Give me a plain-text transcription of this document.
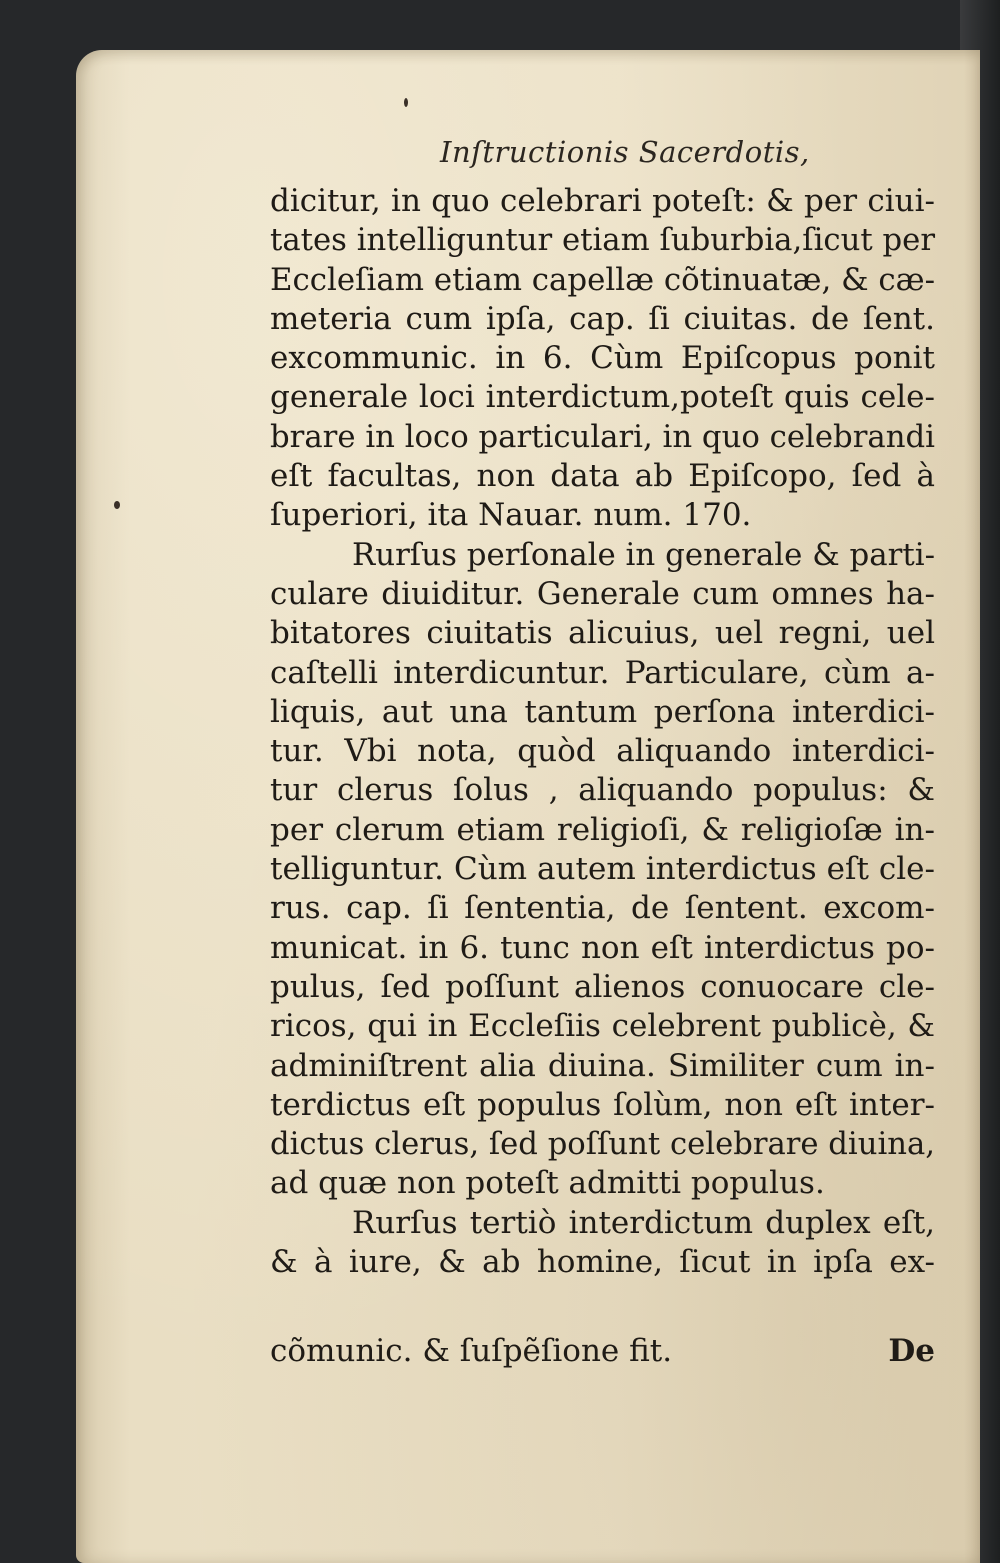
Inſtructionis Sacerdotis,
dicitur, in quo celebrari poteſt: & per ciui-
tates intelliguntur etiam ſuburbia,ſicut per
Eccleſiam etiam capellæ cõtinuatæ, & cæ-
meteria cum ipſa, cap. ſi ciuitas. de ſent.
excommunic. in 6. Cùm Epiſcopus ponit
generale loci interdictum,poteſt quis cele-
brare in loco particulari, in quo celebrandi
eſt facultas, non data ab Epiſcopo, ſed à
ſuperiori, ita Nauar. num. 170.
Rurſus perſonale in generale & parti-
culare diuiditur. Generale cum omnes ha-
bitatores ciuitatis alicuius, uel regni, uel
caſtelli interdicuntur. Particulare, cùm a-
liquis, aut una tantum perſona interdici-
tur. Vbi nota, quòd aliquando interdici-
tur clerus ſolus , aliquando populus: &
per clerum etiam religioſi, & religioſæ in-
telliguntur. Cùm autem interdictus eſt cle-
rus. cap. ſi ſententia, de ſentent. excom-
municat. in 6. tunc non eſt interdictus po-
pulus, ſed poſſunt alienos conuocare cle-
ricos, qui in Eccleſiis celebrent publicè, &
adminiſtrent alia diuina. Similiter cum in-
terdictus eſt populus ſolùm, non eſt inter-
dictus clerus, ſed poſſunt celebrare diuina,
ad quæ non poteſt admitti populus.
Rurſus tertiò interdictum duplex eſt,
& à iure, & ab homine, ſicut in ipſa ex-
cõmunic. & ſuſpẽſione fit.	De
